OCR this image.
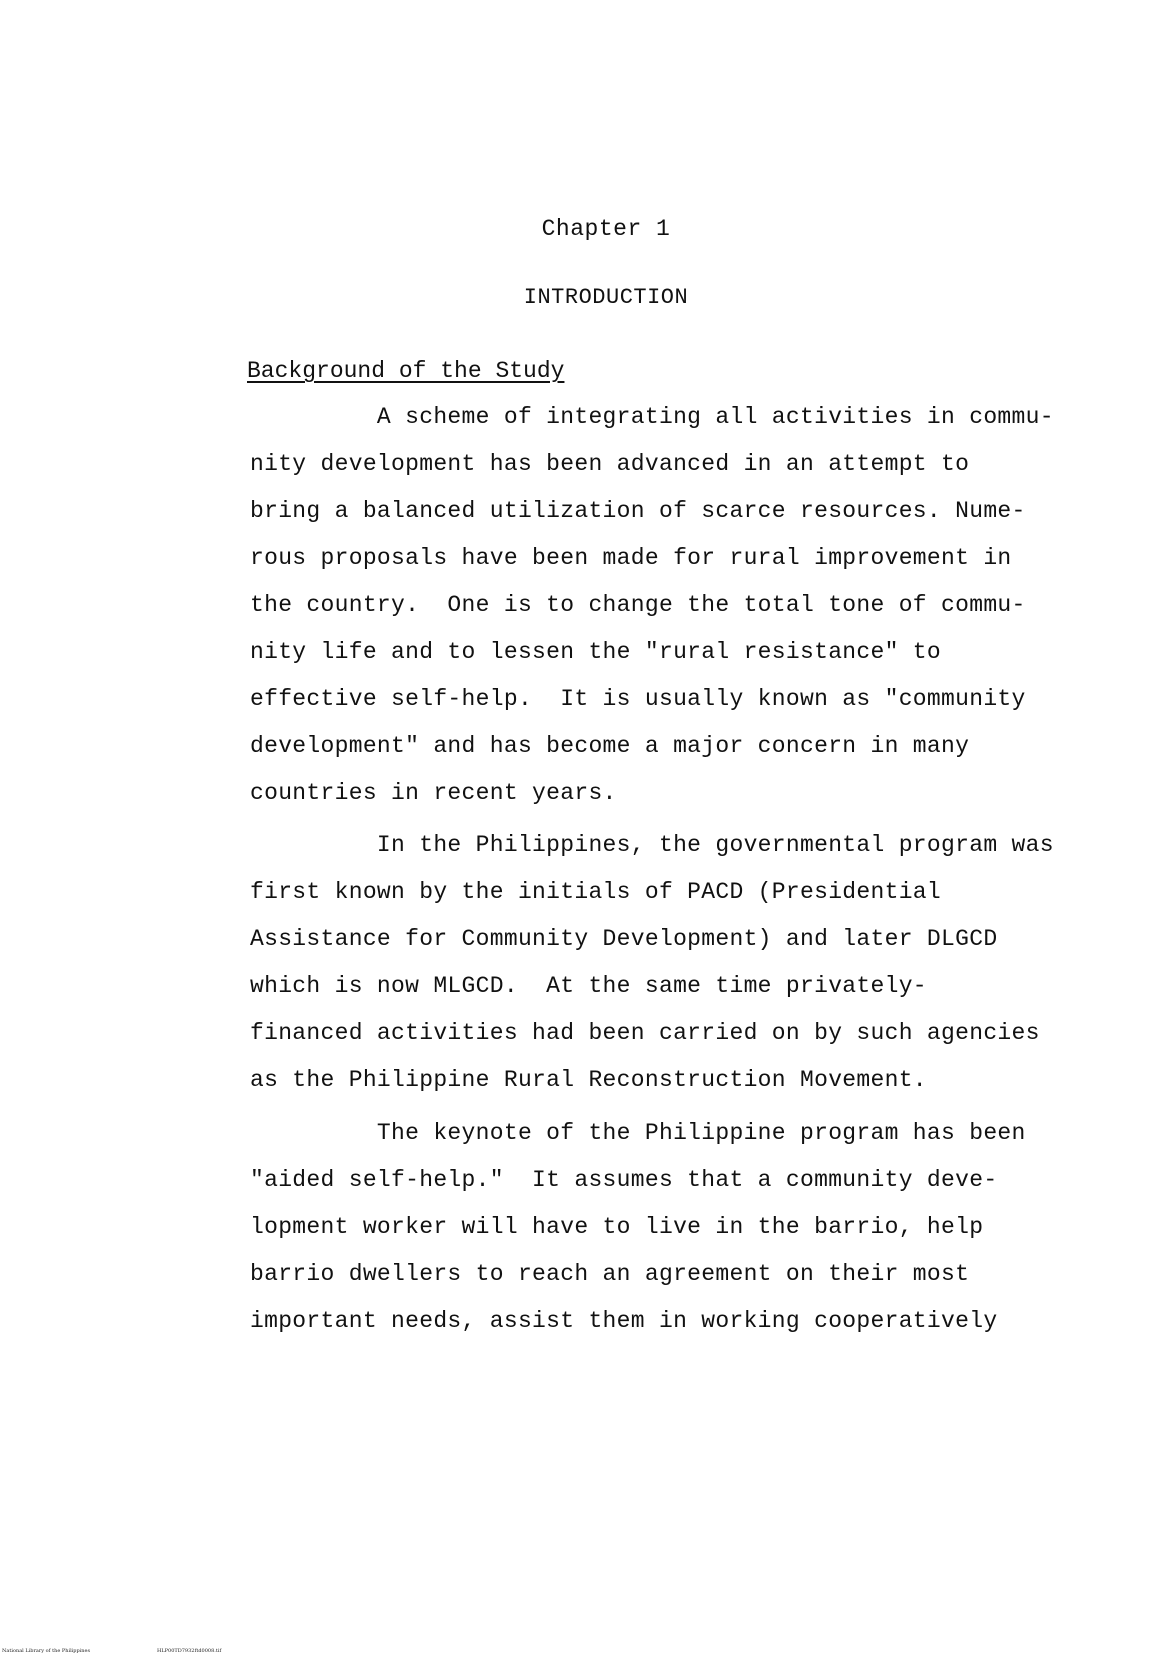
Chapter 1
INTRODUCTION
Background of the Study
A scheme of integrating all activities in commu-
nity development has been advanced in an attempt to
bring a balanced utilization of scarce resources. Nume-
rous proposals have been made for rural improvement in
the country.  One is to change the total tone of commu-
nity life and to lessen the "rural resistance" to
effective self-help.  It is usually known as "community
development" and has become a major concern in many
countries in recent years.
In the Philippines, the governmental program was
first known by the initials of PACD (Presidential
Assistance for Community Development) and later DLGCD
which is now MLGCD.  At the same time privately-
financed activities had been carried on by such agencies
as the Philippine Rural Reconstruction Movement.
The keynote of the Philippine program has been
"aided self-help."  It assumes that a community deve-
lopment worker will have to live in the barrio, help
barrio dwellers to reach an agreement on their most
important needs, assist them in working cooperatively
National Library of the Philippines	HLP00TD7932ftd0008.tif
